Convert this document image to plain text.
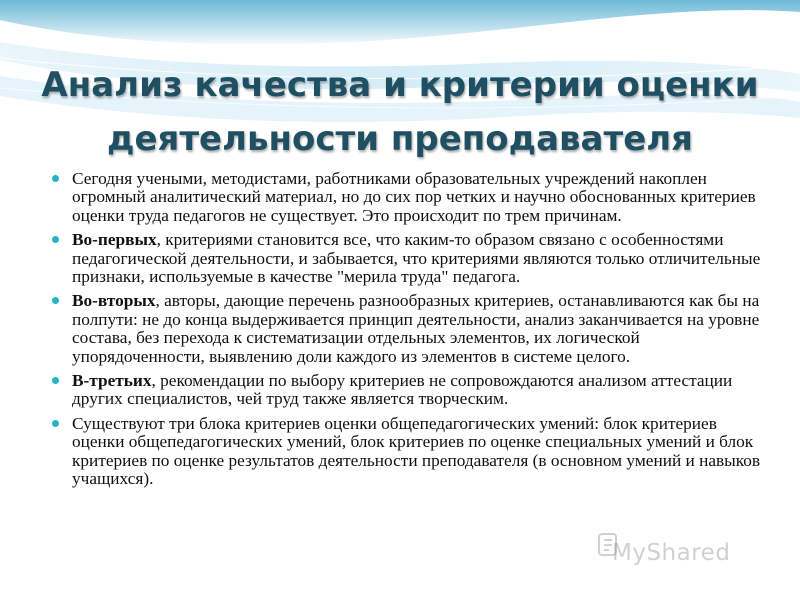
Анализ качества и критерии оценки
деятельности преподавателя
Сегодня учеными, методистами, работниками образовательных учреждений накоплен огромный аналитический материал, но до сих пор четких и научно обоснованных критериев оценки труда педагогов не существует. Это происходит по трем причинам.
Во-первых, критериями становится все, что каким-то образом связано с особенностями педагогической деятельности, и забывается, что критериями являются только отличительные признаки, используемые в качестве "мерила труда" педагога.
Во-вторых, авторы, дающие перечень разнообразных критериев, останавливаются как бы на полпути: не до конца выдерживается принцип деятельности, анализ заканчивается на уровне состава, без перехода к систематизации отдельных элементов, их логической упорядоченности, выявлению доли каждого из элементов в системе целого.
В-третьих, рекомендации по выбору критериев не сопровождаются анализом аттестации других специалистов, чей труд также является творческим.
Существуют три блока критериев оценки общепедагогических умений: блок критериев оценки общепедагогических умений, блок критериев по оценке специальных умений и блок критериев по оценке результатов деятельности преподавателя (в основном умений и навыков учащихся).
MyShared
